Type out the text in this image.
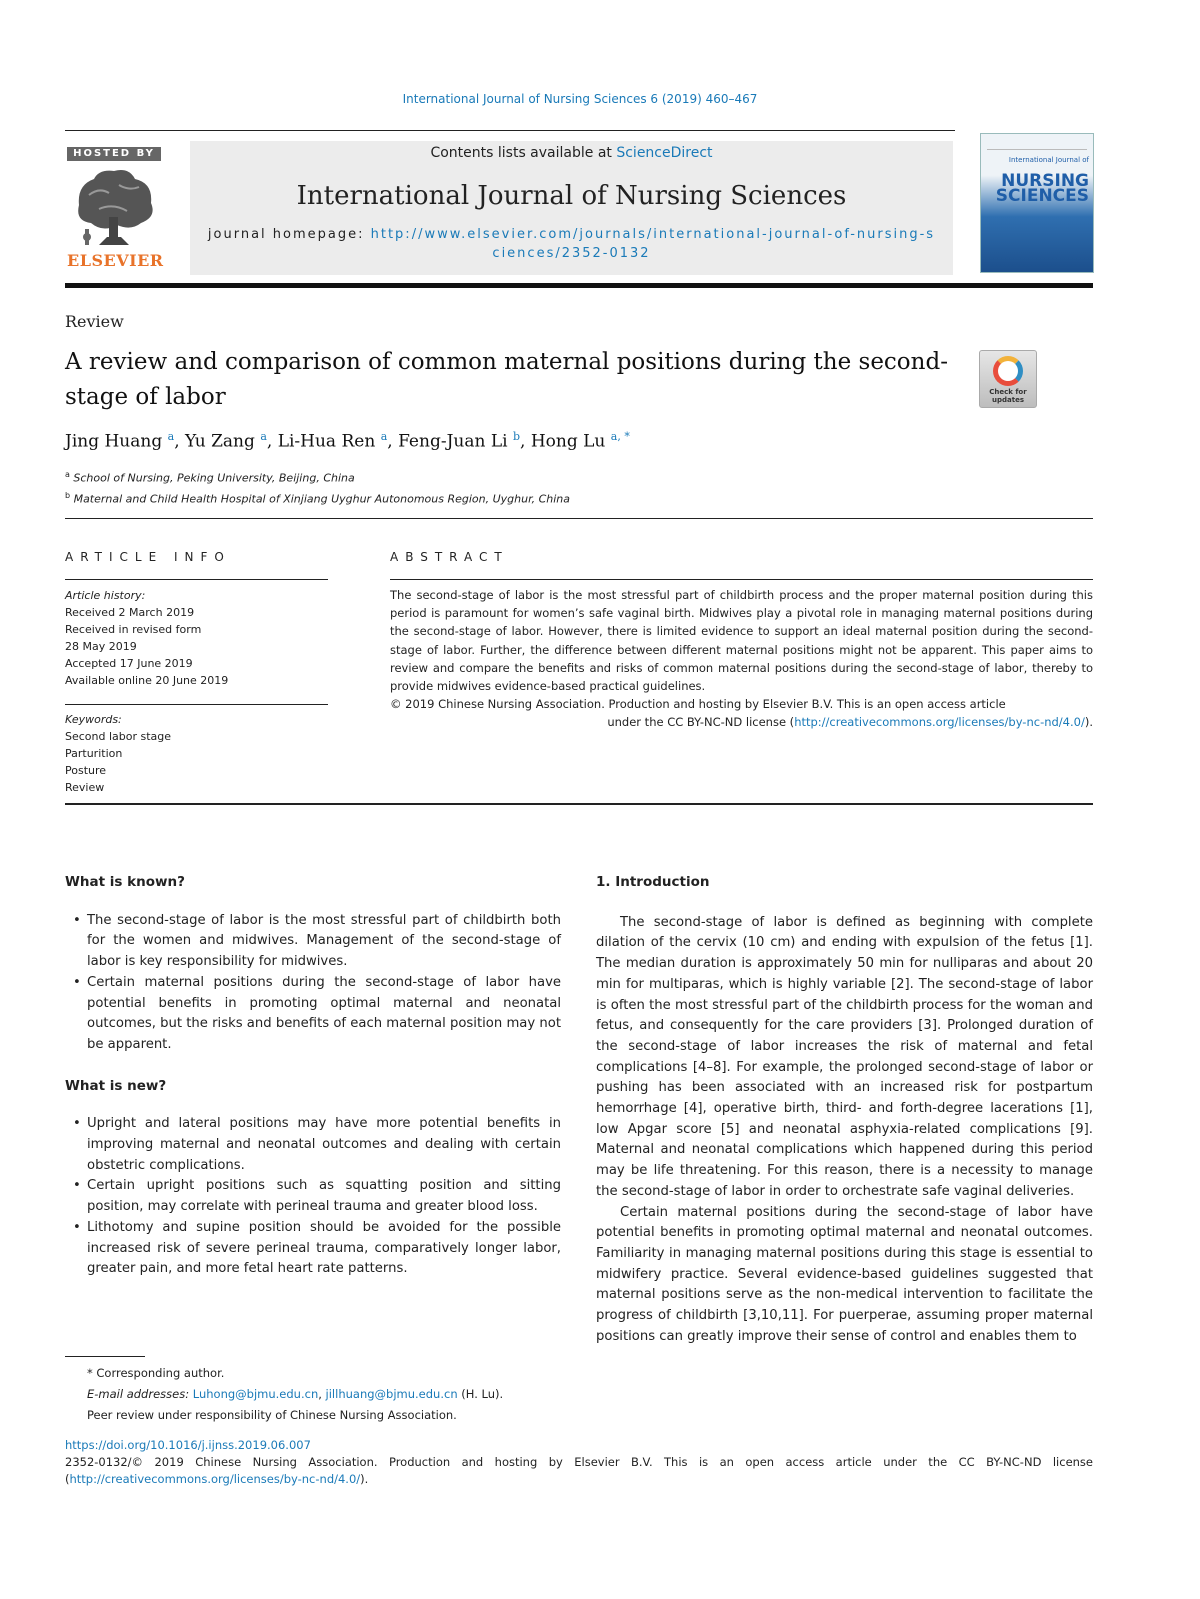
International Journal of Nursing Sciences 6 (2019) 460–467
HOSTED BY
ELSEVIER
Contents lists available at ScienceDirect
International Journal of Nursing Sciences
journal homepage: http://www.elsevier.com/journals/international-journal-of-nursing-sciences/2352-0132
International Journal of
NURSING SCIENCES
Review
A review and comparison of common maternal positions during the second-stage of labor	Check for updates
Jing Huang $^a$, Yu Zang $^a$, Li-Hua Ren $^a$, Feng-Juan Li $^b$, Hong Lu $^{a, *}$
$^a$ School of Nursing, Peking University, Beijing, China
$^b$ Maternal and Child Health Hospital of Xinjiang Uyghur Autonomous Region, Uyghur, China
ARTICLE INFO	ABSTRACT
Article history:
Received 2 March 2019
Received in revised form
28 May 2019
Accepted 17 June 2019
Available online 20 June 2019
Keywords:
Second labor stage
Parturition
Posture
Review
The second-stage of labor is the most stressful part of childbirth process and the proper maternal position during this period is paramount for women’s safe vaginal birth. Midwives play a pivotal role in managing maternal positions during the second-stage of labor. However, there is limited evidence to support an ideal maternal position during the second-stage of labor. Further, the difference between different maternal positions might not be apparent. This paper aims to review and compare the benefits and risks of common maternal positions during the second-stage of labor, thereby to provide midwives evidence-based practical guidelines.
© 2019 Chinese Nursing Association. Production and hosting by Elsevier B.V. This is an open access article
under the CC BY-NC-ND license (http://creativecommons.org/licenses/by-nc-nd/4.0/).
What is known?
• The second-stage of labor is the most stressful part of childbirth both for the women and midwives. Management of the second-stage of labor is key responsibility for midwives.
• Certain maternal positions during the second-stage of labor have potential benefits in promoting optimal maternal and neonatal outcomes, but the risks and benefits of each maternal position may not be apparent.
What is new?
• Upright and lateral positions may have more potential benefits in improving maternal and neonatal outcomes and dealing with certain obstetric complications.
• Certain upright positions such as squatting position and sitting position, may correlate with perineal trauma and greater blood loss.
• Lithotomy and supine position should be avoided for the possible increased risk of severe perineal trauma, comparatively longer labor, greater pain, and more fetal heart rate patterns.
* Corresponding author.
E-mail addresses: Luhong@bjmu.edu.cn, jillhuang@bjmu.edu.cn (H. Lu).
Peer review under responsibility of Chinese Nursing Association.
1. Introduction

The second-stage of labor is defined as beginning with complete dilation of the cervix (10 cm) and ending with expulsion of the fetus [1]. The median duration is approximately 50 min for nulliparas and about 20 min for multiparas, which is highly variable [2]. The second-stage of labor is often the most stressful part of the childbirth process for the woman and fetus, and consequently for the care providers [3]. Prolonged duration of the second-stage of labor increases the risk of maternal and fetal complications [4–8]. For example, the prolonged second-stage of labor or pushing has been associated with an increased risk for postpartum hemorrhage [4], operative birth, third- and forth-degree lacerations [1], low Apgar score [5] and neonatal asphyxia-related complications [9]. Maternal and neonatal complications which happened during this period may be life threatening. For this reason, there is a necessity to manage the second-stage of labor in order to orchestrate safe vaginal deliveries.

Certain maternal positions during the second-stage of labor have potential benefits in promoting optimal maternal and neonatal outcomes. Familiarity in managing maternal positions during this stage is essential to midwifery practice. Several evidence-based guidelines suggested that maternal positions serve as the non-medical intervention to facilitate the progress of childbirth [3,10,11]. For puerperae, assuming proper maternal positions can greatly improve their sense of control and enables them to

https://doi.org/10.1016/j.ijnss.2019.06.007
2352-0132/© 2019 Chinese Nursing Association. Production and hosting by Elsevier B.V. This is an open access article under the CC BY-NC-ND license (http://creativecommons.org/licenses/by-nc-nd/4.0/).
